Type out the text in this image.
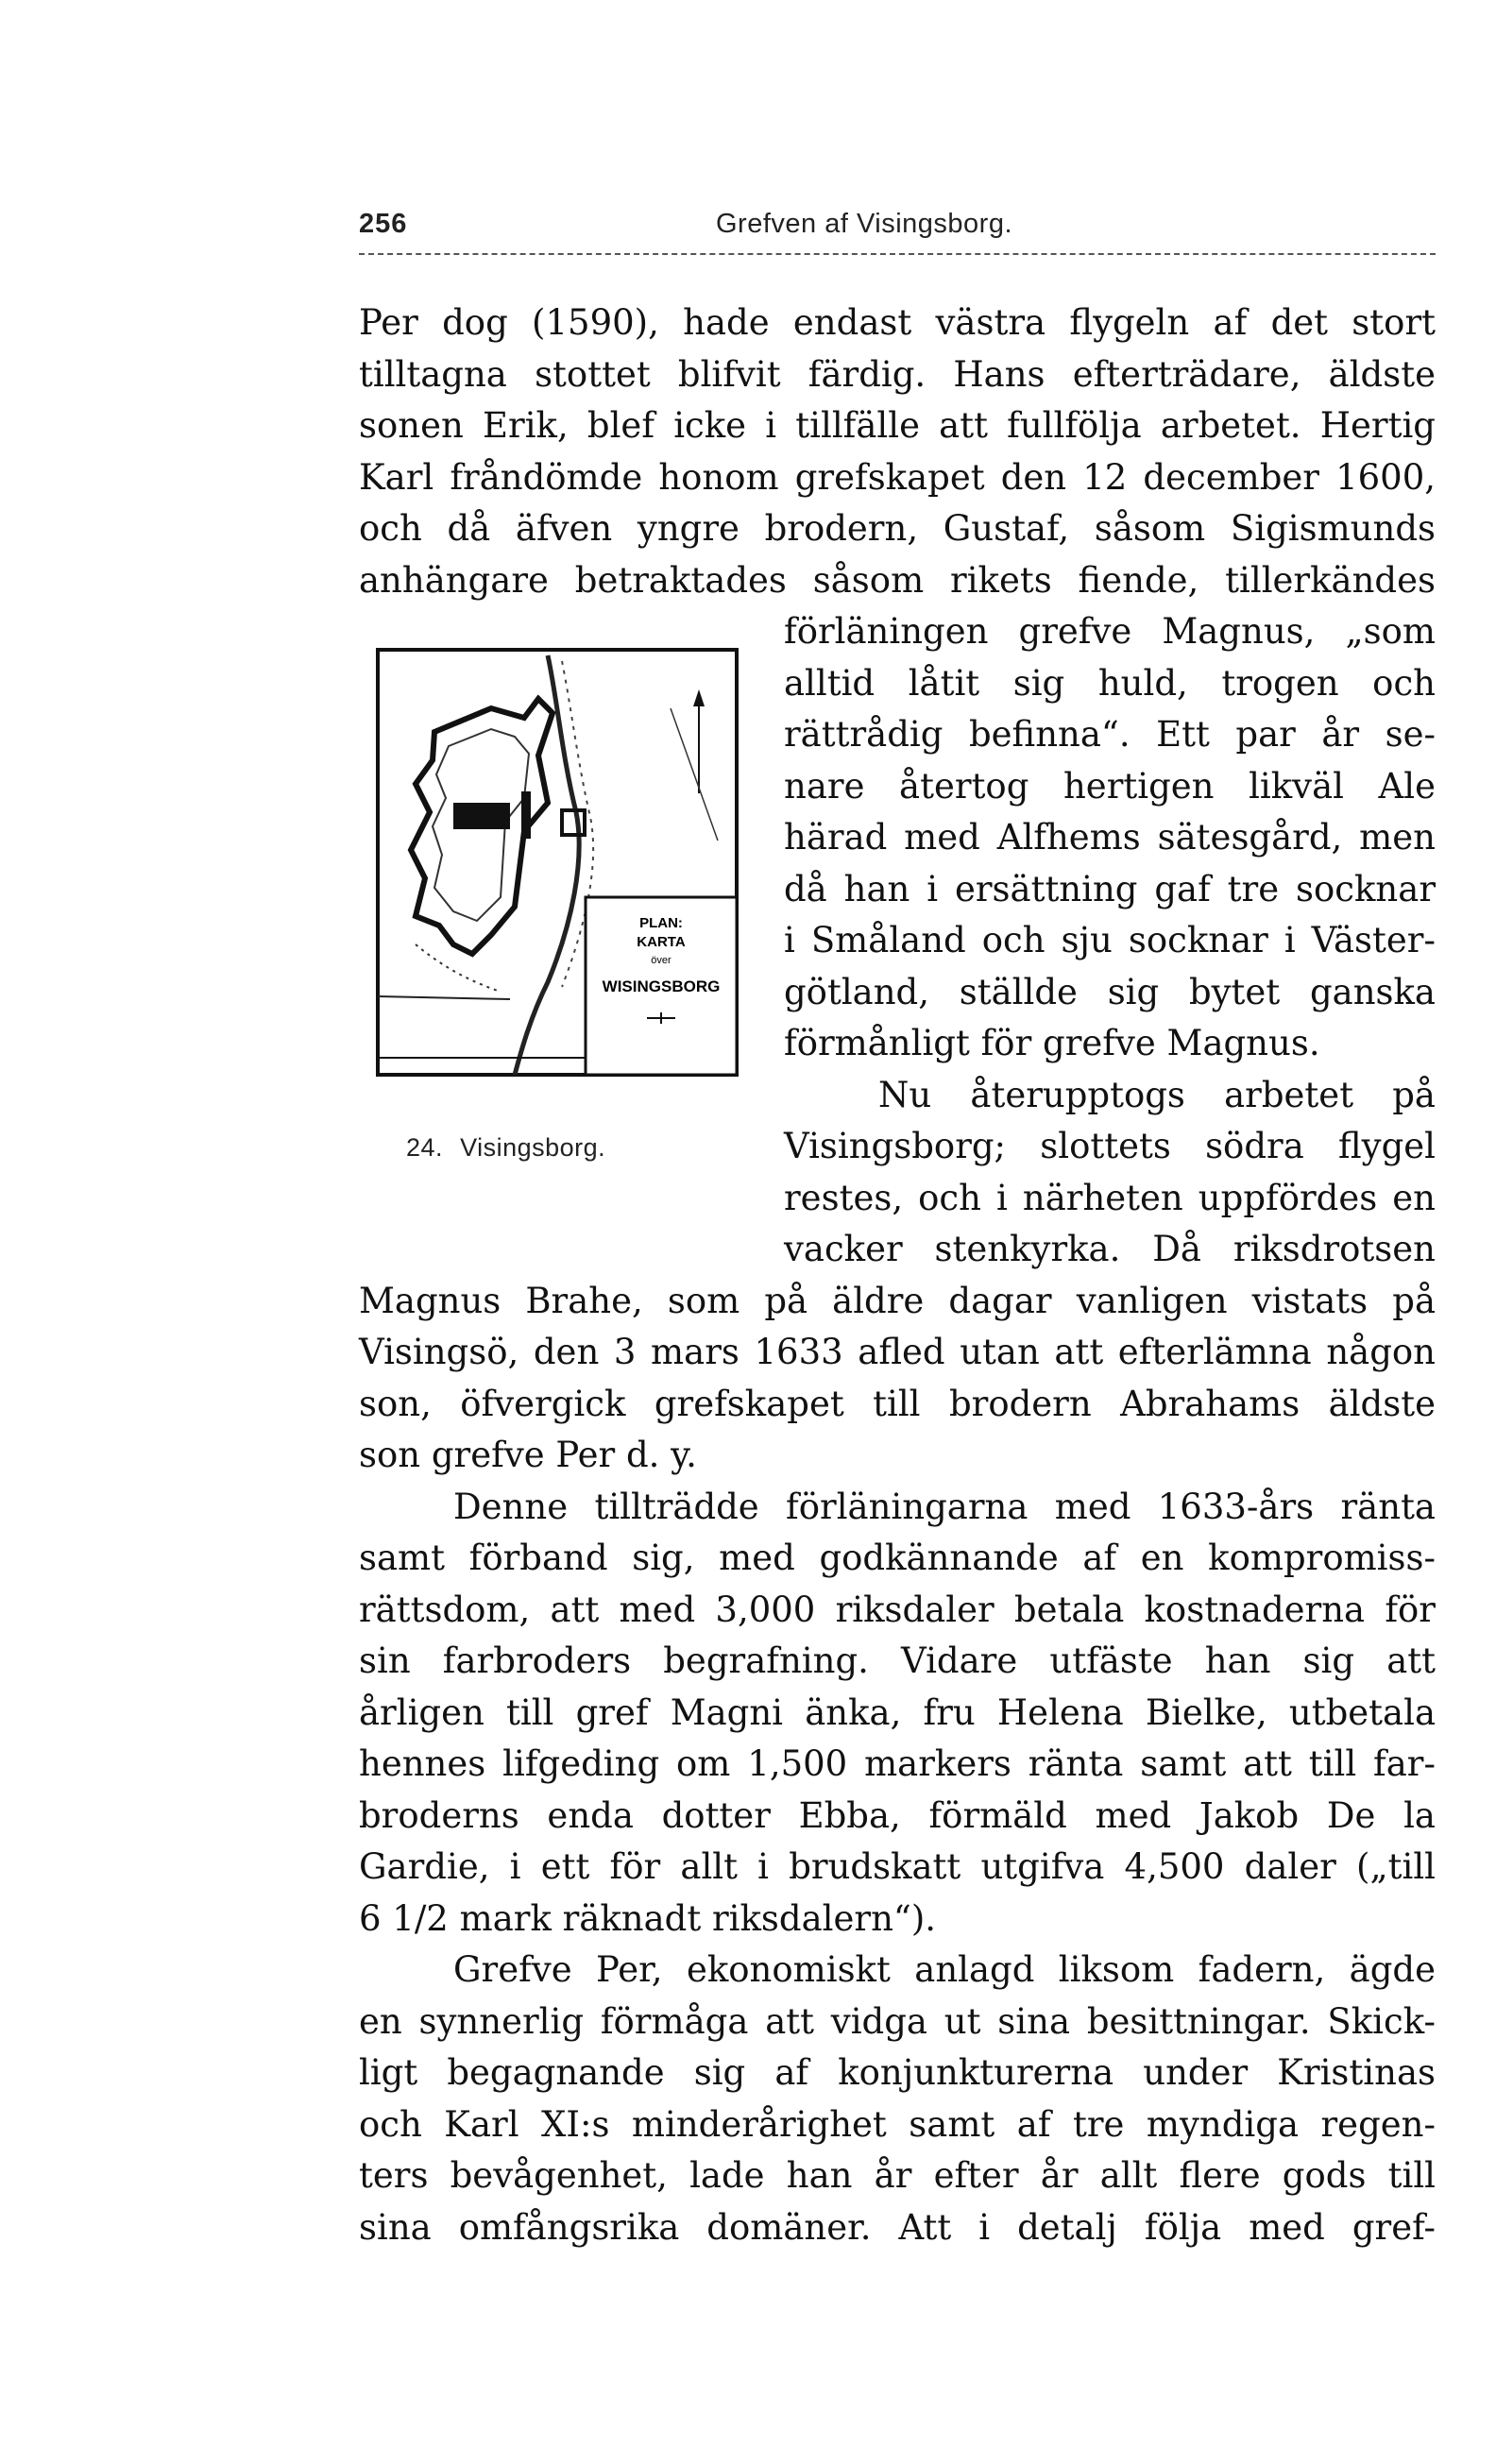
256	Grefven af Visingsborg.
PLAN:
KARTA
över
WISINGSBORG
24. Visingsborg.
Per dog (1590), hade endast västra flygeln af det stort
tilltagna stottet blifvit färdig. Hans efterträdare, äldste
sonen Erik, blef icke i tillfälle att fullfölja arbetet. Hertig
Karl fråndömde honom grefskapet den 12 december 1600,
och då äfven yngre brodern, Gustaf, såsom Sigismunds
anhängare betraktades såsom rikets fiende, tillerkändes
förläningen grefve Magnus, „som
alltid låtit sig huld, trogen och
rättrådig befinna“. Ett par år se-
nare återtog hertigen likväl Ale
härad med Alfhems sätesgård, men
då han i ersättning gaf tre socknar
i Småland och sju socknar i Väster-
götland, ställde sig bytet ganska
förmånligt för grefve Magnus.
Nu återupptogs arbetet på
Visingsborg; slottets södra flygel
restes, och i närheten uppfördes en
vacker stenkyrka. Då riksdrotsen
Magnus Brahe, som på äldre dagar vanligen vistats på
Visingsö, den 3 mars 1633 afled utan att efterlämna någon
son, öfvergick grefskapet till brodern Abrahams äldste
son grefve Per d. y.
Denne tillträdde förläningarna med 1633-års ränta
samt förband sig, med godkännande af en kompromiss-
rättsdom, att med 3,000 riksdaler betala kostnaderna för
sin farbroders begrafning. Vidare utfäste han sig att
årligen till gref Magni änka, fru Helena Bielke, utbetala
hennes lifgeding om 1,500 markers ränta samt att till far-
broderns enda dotter Ebba, förmäld med Jakob De la
Gardie, i ett för allt i brudskatt utgifva 4,500 daler („till
6 1/2 mark räknadt riksdalern“).
Grefve Per, ekonomiskt anlagd liksom fadern, ägde
en synnerlig förmåga att vidga ut sina besittningar. Skick-
ligt begagnande sig af konjunkturerna under Kristinas
och Karl XI:s minderårighet samt af tre myndiga regen-
ters bevågenhet, lade han år efter år allt flere gods till
sina omfångsrika domäner. Att i detalj följa med gref-
